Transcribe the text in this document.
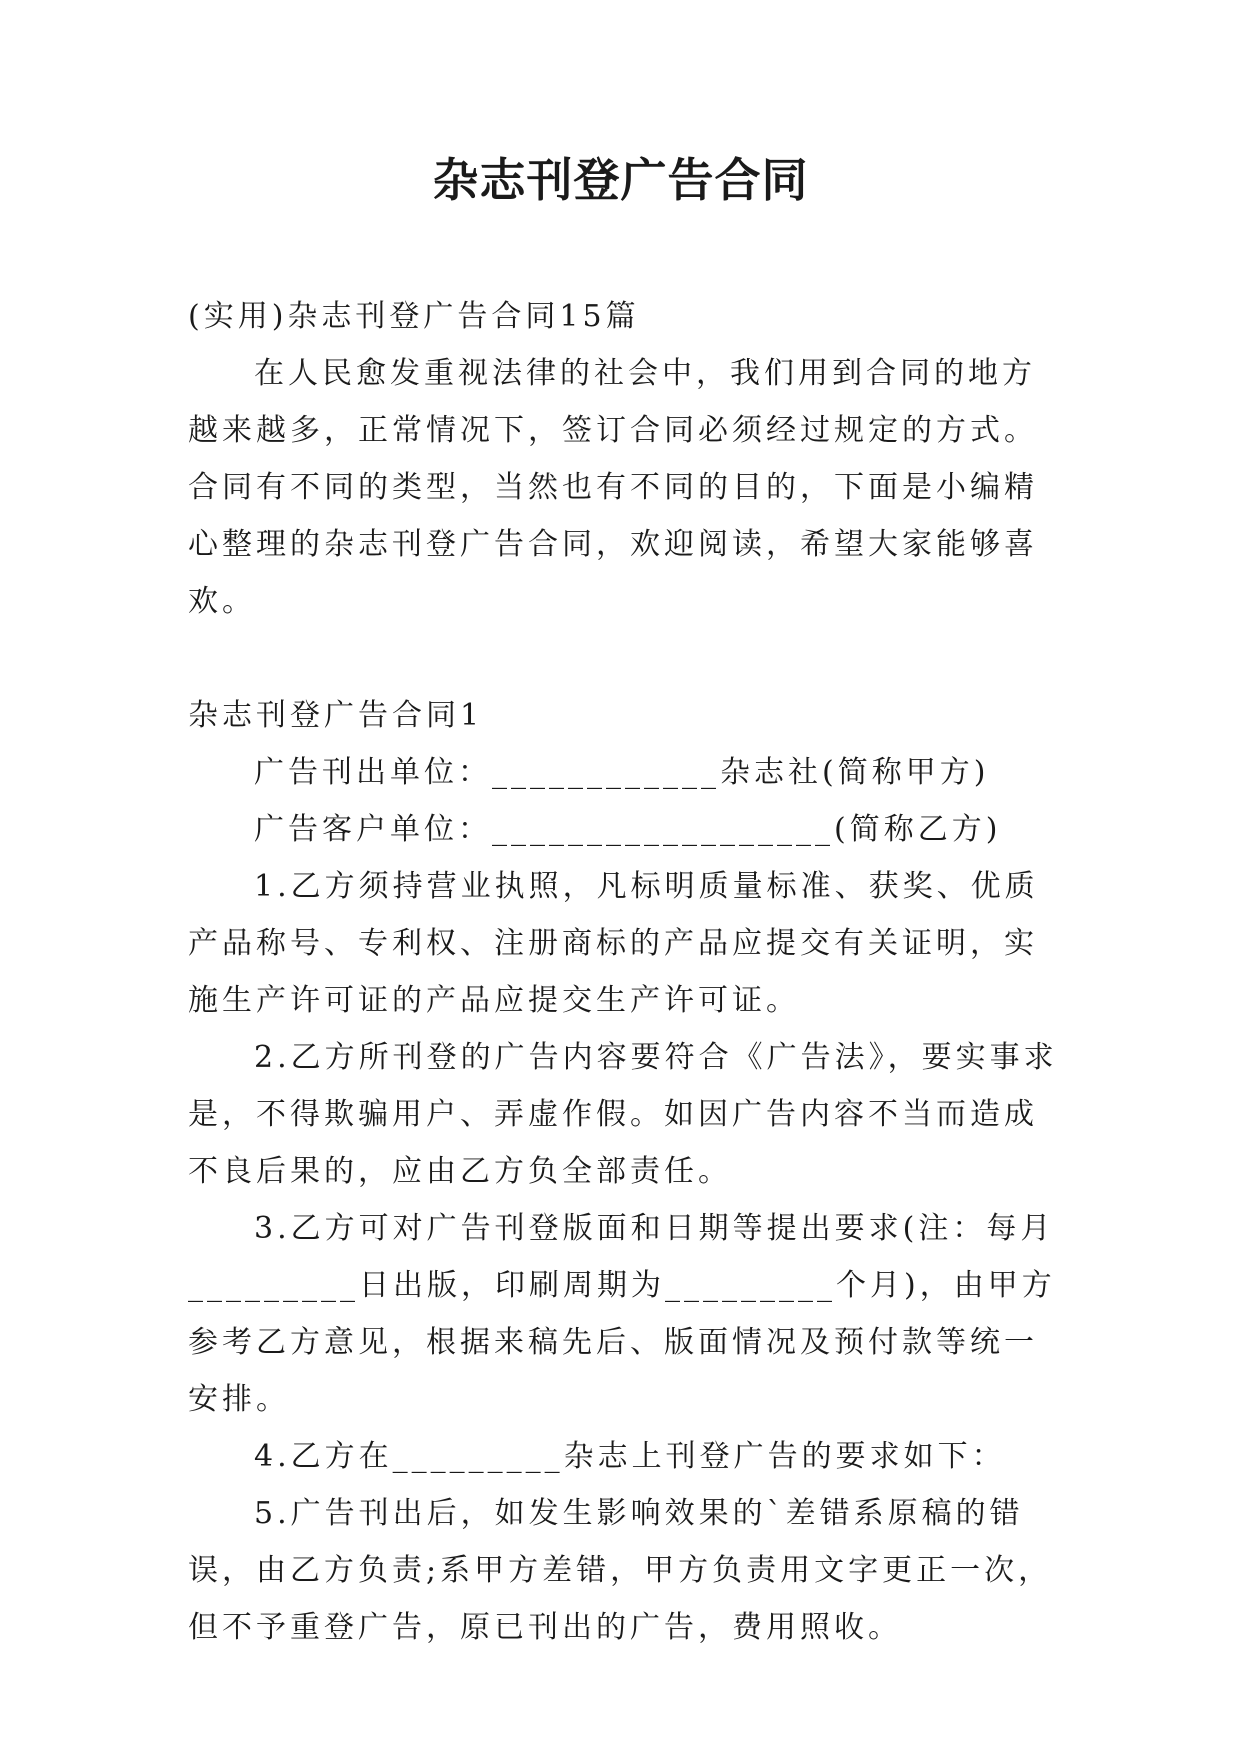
杂志刊登广告合同

(实用)杂志刊登广告合同15篇

在人民愈发重视法律的社会中，我们用到合同的地方越来越多，正常情况下，签订合同必须经过规定的方式。合同有不同的类型，当然也有不同的目的，下面是小编精心整理的杂志刊登广告合同，欢迎阅读，希望大家能够喜欢。

杂志刊登广告合同1

广告刊出单位：____________杂志社(简称甲方)

广告客户单位：__________________(简称乙方)

1.乙方须持营业执照，凡标明质量标准、获奖、优质产品称号、专利权、注册商标的产品应提交有关证明，实施生产许可证的产品应提交生产许可证。

2.乙方所刊登的广告内容要符合《广告法》，要实事求是，不得欺骗用户、弄虚作假。如因广告内容不当而造成不良后果的，应由乙方负全部责任。

3.乙方可对广告刊登版面和日期等提出要求(注：每月_________日出版，印刷周期为_________个月)，由甲方参考乙方意见，根据来稿先后、版面情况及预付款等统一安排。

4.乙方在_________杂志上刊登广告的要求如下：

5.广告刊出后，如发生影响效果的`差错系原稿的错误，由乙方负责;系甲方差错，甲方负责用文字更正一次，但不予重登广告，原已刊出的广告，费用照收。
